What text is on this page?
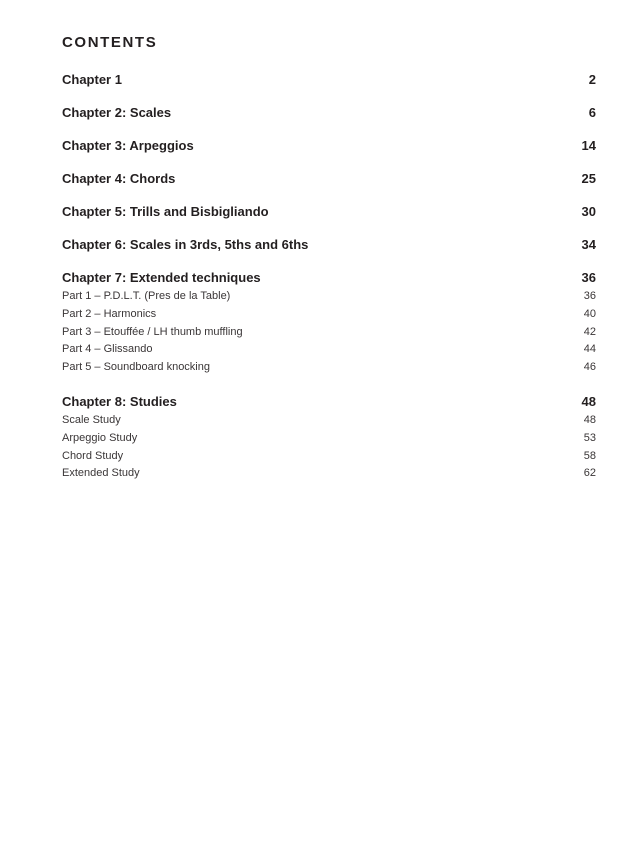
CONTENTS
Chapter 1	2
Chapter 2: Scales	6
Chapter 3: Arpeggios	14
Chapter 4: Chords	25
Chapter 5: Trills and Bisbigliando	30
Chapter 6: Scales in 3rds, 5ths and 6ths	34
Chapter 7: Extended techniques	36
Part 1 – P.D.L.T. (Pres de la Table)	36
Part 2 – Harmonics	40
Part 3 – Etouffée / LH thumb muffling	42
Part 4 – Glissando	44
Part 5 – Soundboard knocking	46
Chapter 8: Studies	48
Scale Study	48
Arpeggio Study	53
Chord Study	58
Extended Study	62
